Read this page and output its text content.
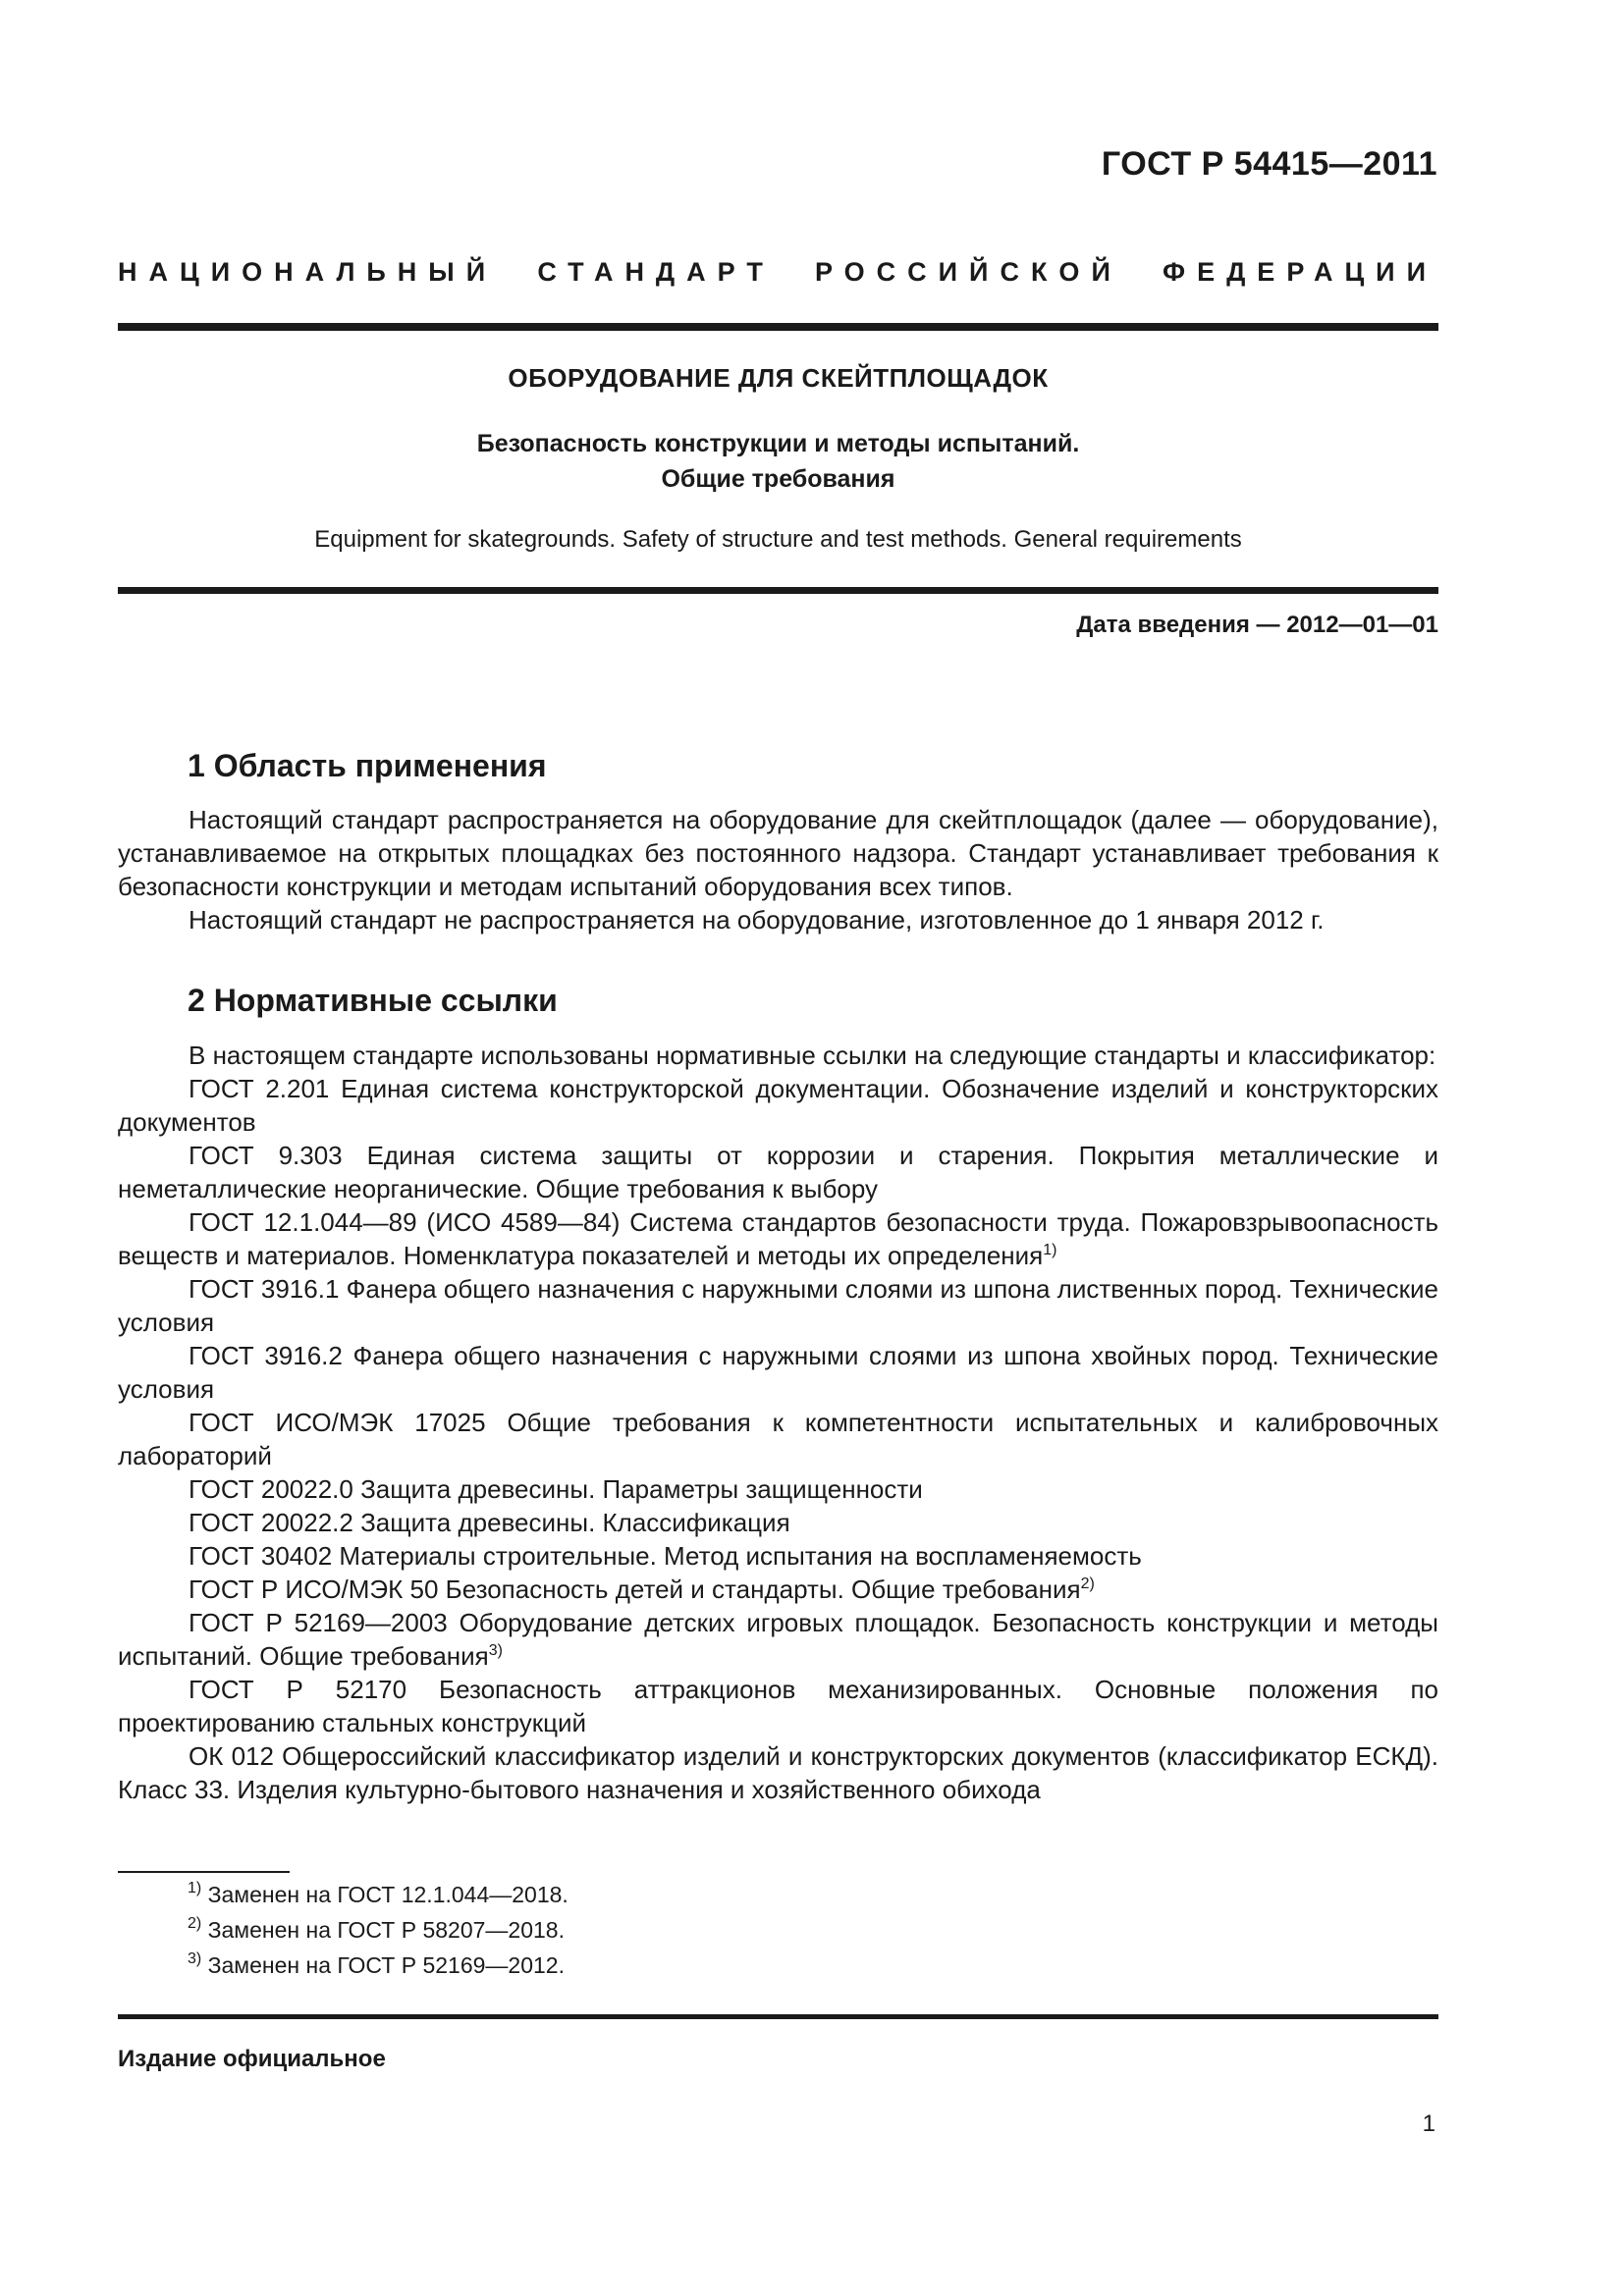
ГОСТ Р 54415—2011
НАЦИОНАЛЬНЫЙ СТАНДАРТ РОССИЙСКОЙ ФЕДЕРАЦИИ
ОБОРУДОВАНИЕ ДЛЯ СКЕЙТПЛОЩАДОК
Безопасность конструкции и методы испытаний.
Общие требования
Equipment for skategrounds. Safety of structure and test methods. General requirements
Дата введения — 2012—01—01
1 Область применения

Настоящий стандарт распространяется на оборудование для скейтплощадок (далее — оборудование), устанавливаемое на открытых площадках без постоянного надзора. Стандарт устанавливает требования к безопасности конструкции и методам испытаний оборудования всех типов.

Настоящий стандарт не распространяется на оборудование, изготовленное до 1 января 2012 г.

2 Нормативные ссылки

В настоящем стандарте использованы нормативные ссылки на следующие стандарты и классификатор:

ГОСТ 2.201 Единая система конструкторской документации. Обозначение изделий и конструкторских документов

ГОСТ 9.303 Единая система защиты от коррозии и старения. Покрытия металлические и неметаллические неорганические. Общие требования к выбору

ГОСТ 12.1.044—89 (ИСО 4589—84) Система стандартов безопасности труда. Пожаровзрывоопасность веществ и материалов. Номенклатура показателей и методы их определения$^{1)}$

ГОСТ 3916.1 Фанера общего назначения с наружными слоями из шпона лиственных пород. Технические условия

ГОСТ 3916.2 Фанера общего назначения с наружными слоями из шпона хвойных пород. Технические условия

ГОСТ ИСО/МЭК 17025 Общие требования к компетентности испытательных и калибровочных лабораторий

ГОСТ 20022.0 Защита древесины. Параметры защищенности

ГОСТ 20022.2 Защита древесины. Классификация

ГОСТ 30402 Материалы строительные. Метод испытания на воспламеняемость

ГОСТ Р ИСО/МЭК 50 Безопасность детей и стандарты. Общие требования$^{2)}$

ГОСТ Р 52169—2003 Оборудование детских игровых площадок. Безопасность конструкции и методы испытаний. Общие требования$^{3)}$

ГОСТ Р 52170 Безопасность аттракционов механизированных. Основные положения по проектированию стальных конструкций

ОК 012 Общероссийский классификатор изделий и конструкторских документов (классификатор ЕСКД). Класс 33. Изделия культурно-бытового назначения и хозяйственного обихода

$^{1)}$ Заменен на ГОСТ 12.1.044—2018.
$^{2)}$ Заменен на ГОСТ Р 58207—2018.
$^{3)}$ Заменен на ГОСТ Р 52169—2012.
Издание официальное
1
